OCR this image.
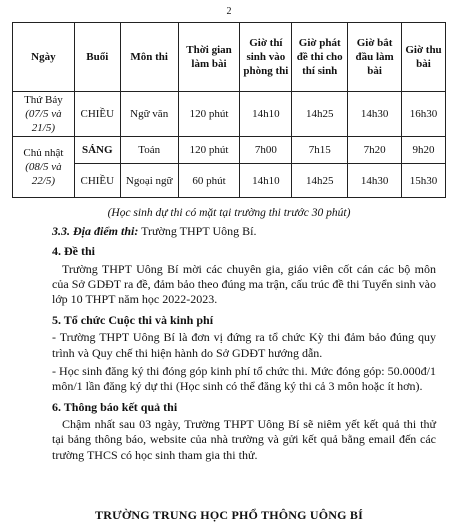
2
Ngày	Buổi	Môn thi	Thời gian làm bài	Giờ thí sinh vào phòng thi	Giờ phát đề thi cho thí sinh	Giờ bắt đầu làm bài	Giờ thu bài
Thứ Bảy
(07/5 và 21/5)	CHIỀU	Ngữ văn	120 phút	14h10	14h25	14h30	16h30
Chủ nhật
(08/5 và 22/5)	SÁNG	Toán	120 phút	7h00	7h15	7h20	9h20
	CHIỀU	Ngoại ngữ	60 phút	14h10	14h25	14h30	15h30
(Học sinh dự thi có mặt tại trường thi trước 30 phút)

3.3. Địa điểm thi: Trường THPT Uông Bí.

4. Đề thi

Trường THPT Uông Bí mời các chuyên gia, giáo viên cốt cán các bộ môn của Sở GDĐT ra đề, đảm bảo theo đúng ma trận, cấu trúc đề thi Tuyển sinh vào lớp 10 THPT năm học 2022-2023.

5. Tổ chức Cuộc thi và kinh phí

- Trường THPT Uông Bí là đơn vị đứng ra tổ chức Kỳ thi đảm bảo đúng quy trình và Quy chế thi hiện hành do Sở GDĐT hướng dẫn.

- Học sinh đăng ký thi đóng góp kinh phí tổ chức thi. Mức đóng góp: 50.000đ/1 môn/1 lần đăng ký dự thi (Học sinh có thể đăng ký thi cả 3 môn hoặc ít hơn).

6. Thông báo kết quả thi

Chậm nhất sau 03 ngày, Trường THPT Uông Bí sẽ niêm yết kết quả thi thử tại bảng thông báo, website của nhà trường và gửi kết quả bằng email đến các trường THCS có học sinh tham gia thi thử.

TRƯỜNG TRUNG HỌC PHỔ THÔNG UÔNG BÍ
